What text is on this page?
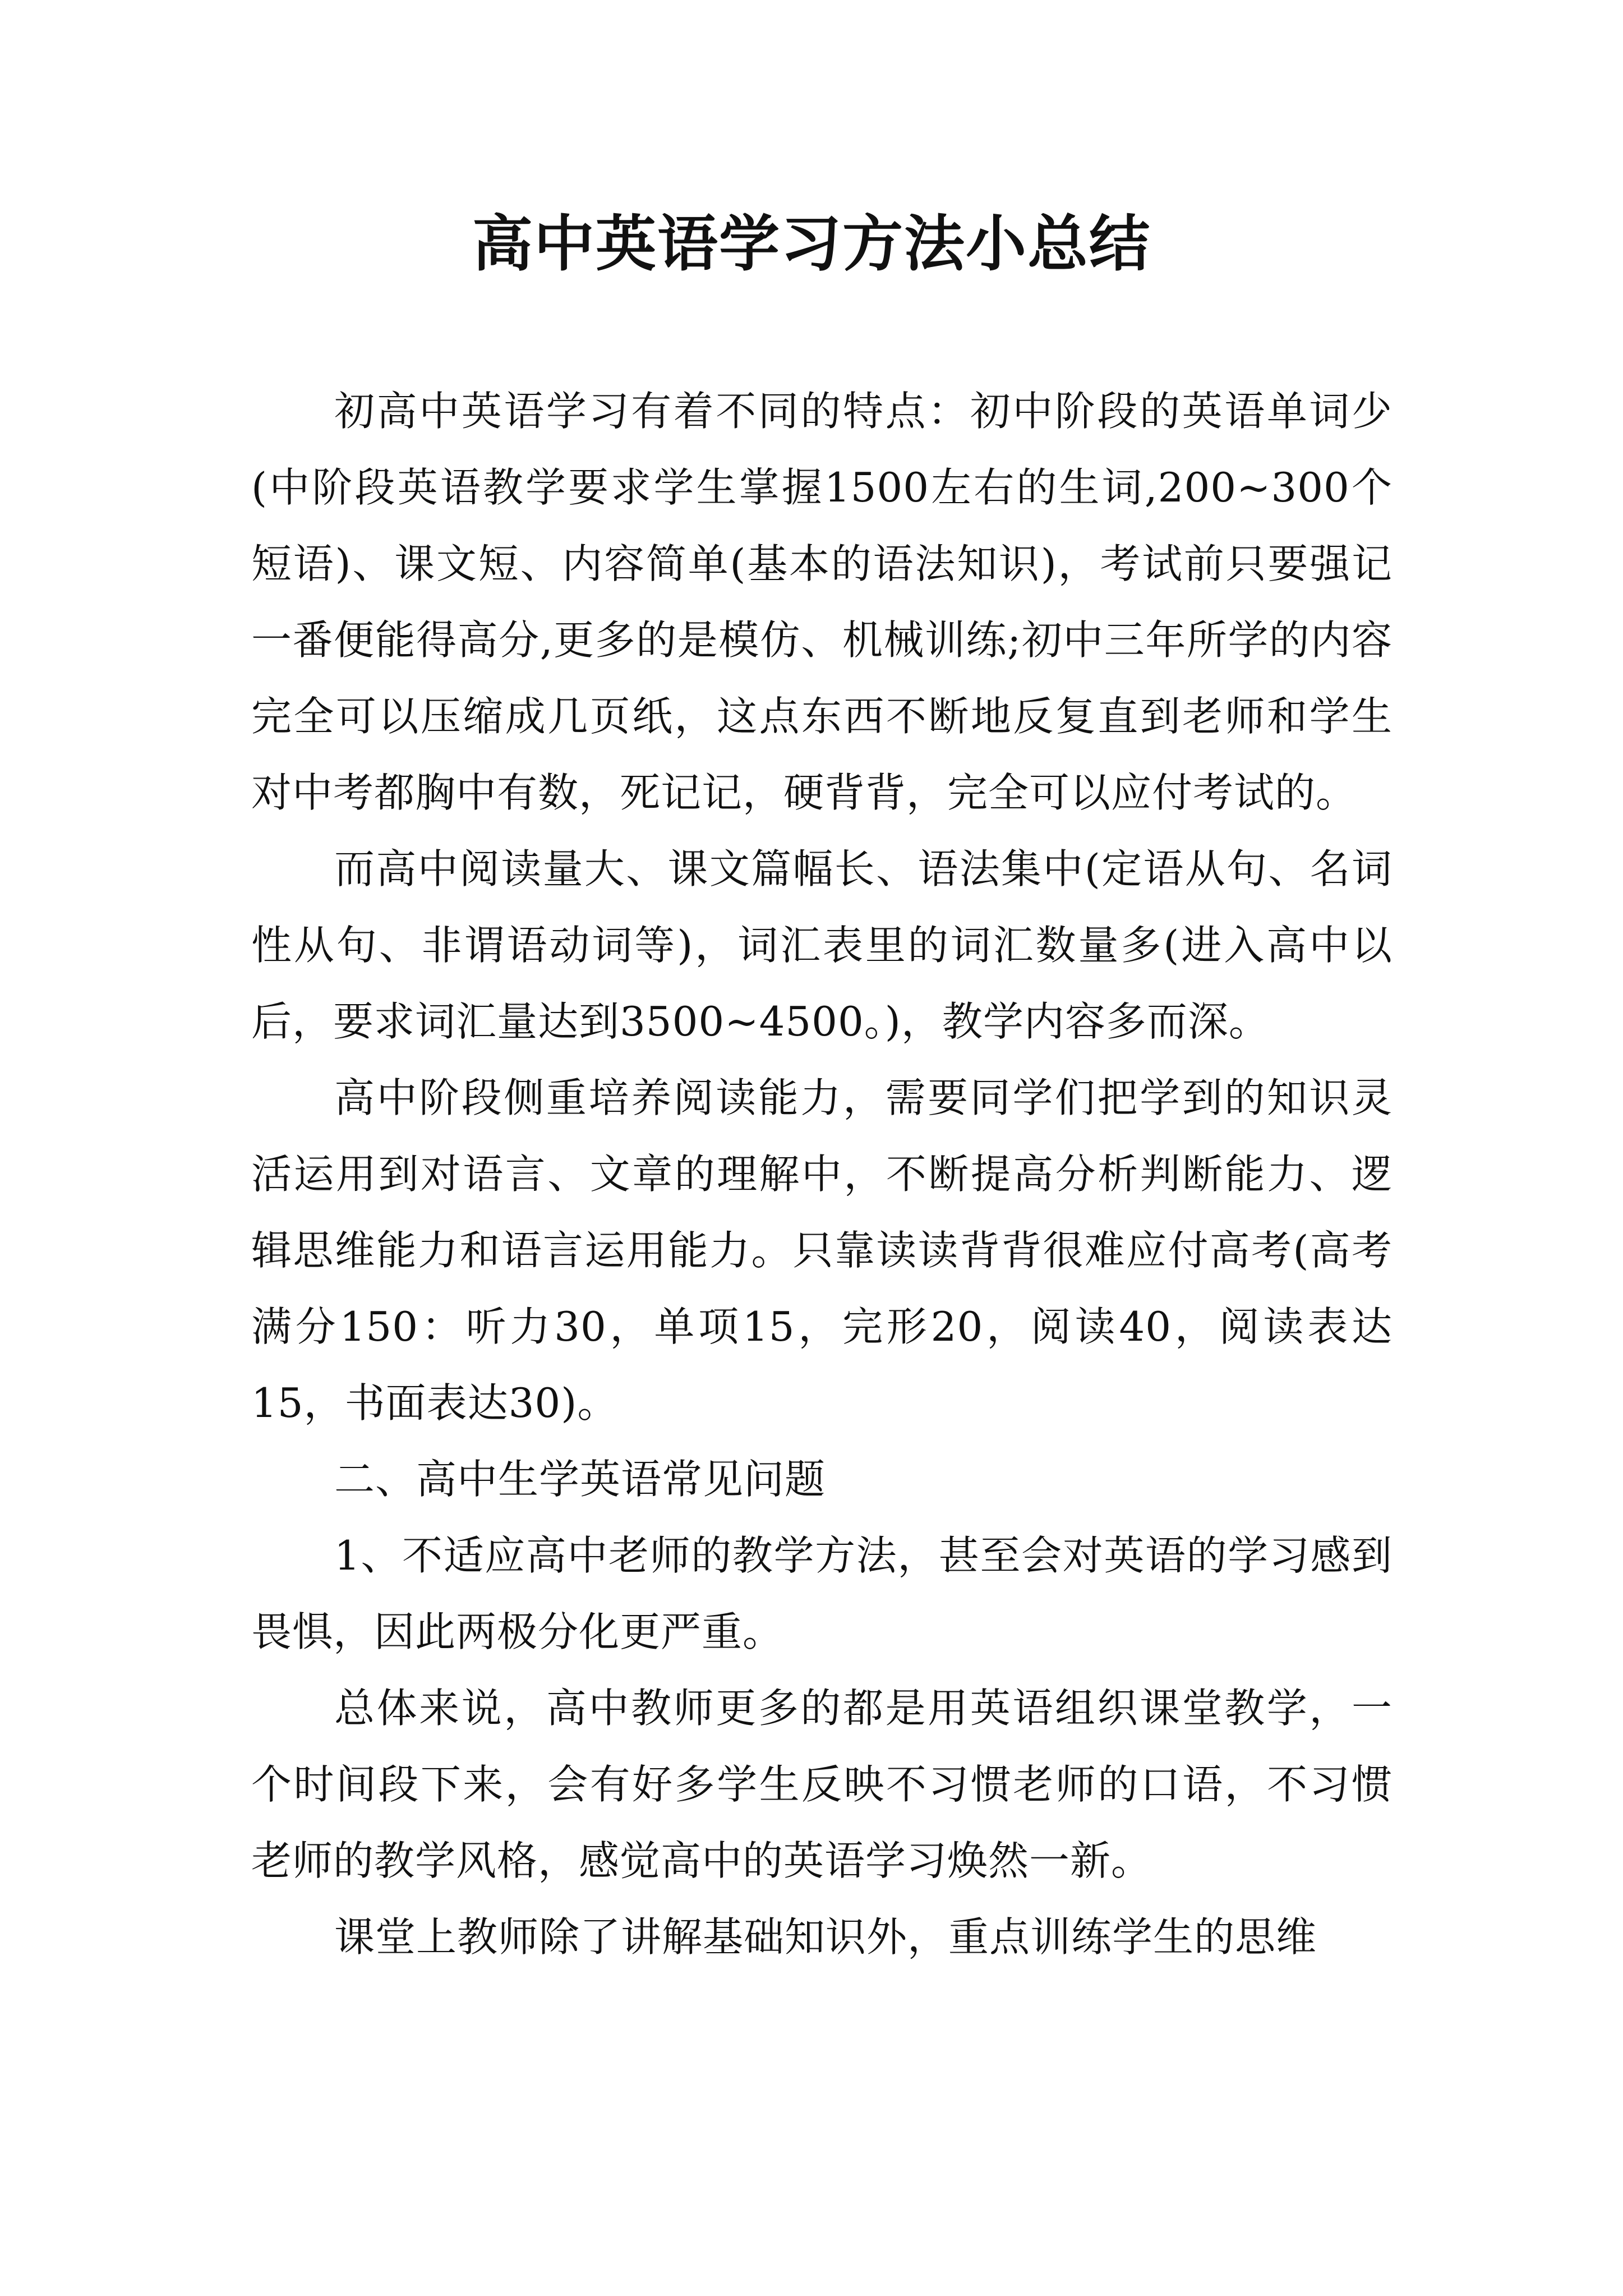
高中英语学习方法小总结

初高中英语学习有着不同的特点：初中阶段的英语单词少(中阶段英语教学要求学生掌握1500左右的生词,200~300个短语)、课文短、内容简单(基本的语法知识)，考试前只要强记一番便能得高分,更多的是模仿、机械训练;初中三年所学的内容完全可以压缩成几页纸，这点东西不断地反复直到老师和学生对中考都胸中有数，死记记，硬背背，完全可以应付考试的。

而高中阅读量大、课文篇幅长、语法集中(定语从句、名词性从句、非谓语动词等)，词汇表里的词汇数量多(进入高中以后，要求词汇量达到3500~4500。)，教学内容多而深。

高中阶段侧重培养阅读能力，需要同学们把学到的知识灵活运用到对语言、文章的理解中，不断提高分析判断能力、逻辑思维能力和语言运用能力。只靠读读背背很难应付高考(高考满分150：听力30，单项15，完形20，阅读40，阅读表达15，书面表达30)。

二、高中生学英语常见问题

1、不适应高中老师的教学方法，甚至会对英语的学习感到畏惧，因此两极分化更严重。

总体来说，高中教师更多的都是用英语组织课堂教学，一个时间段下来，会有好多学生反映不习惯老师的口语，不习惯老师的教学风格，感觉高中的英语学习焕然一新。

课堂上教师除了讲解基础知识外，重点训练学生的思维
